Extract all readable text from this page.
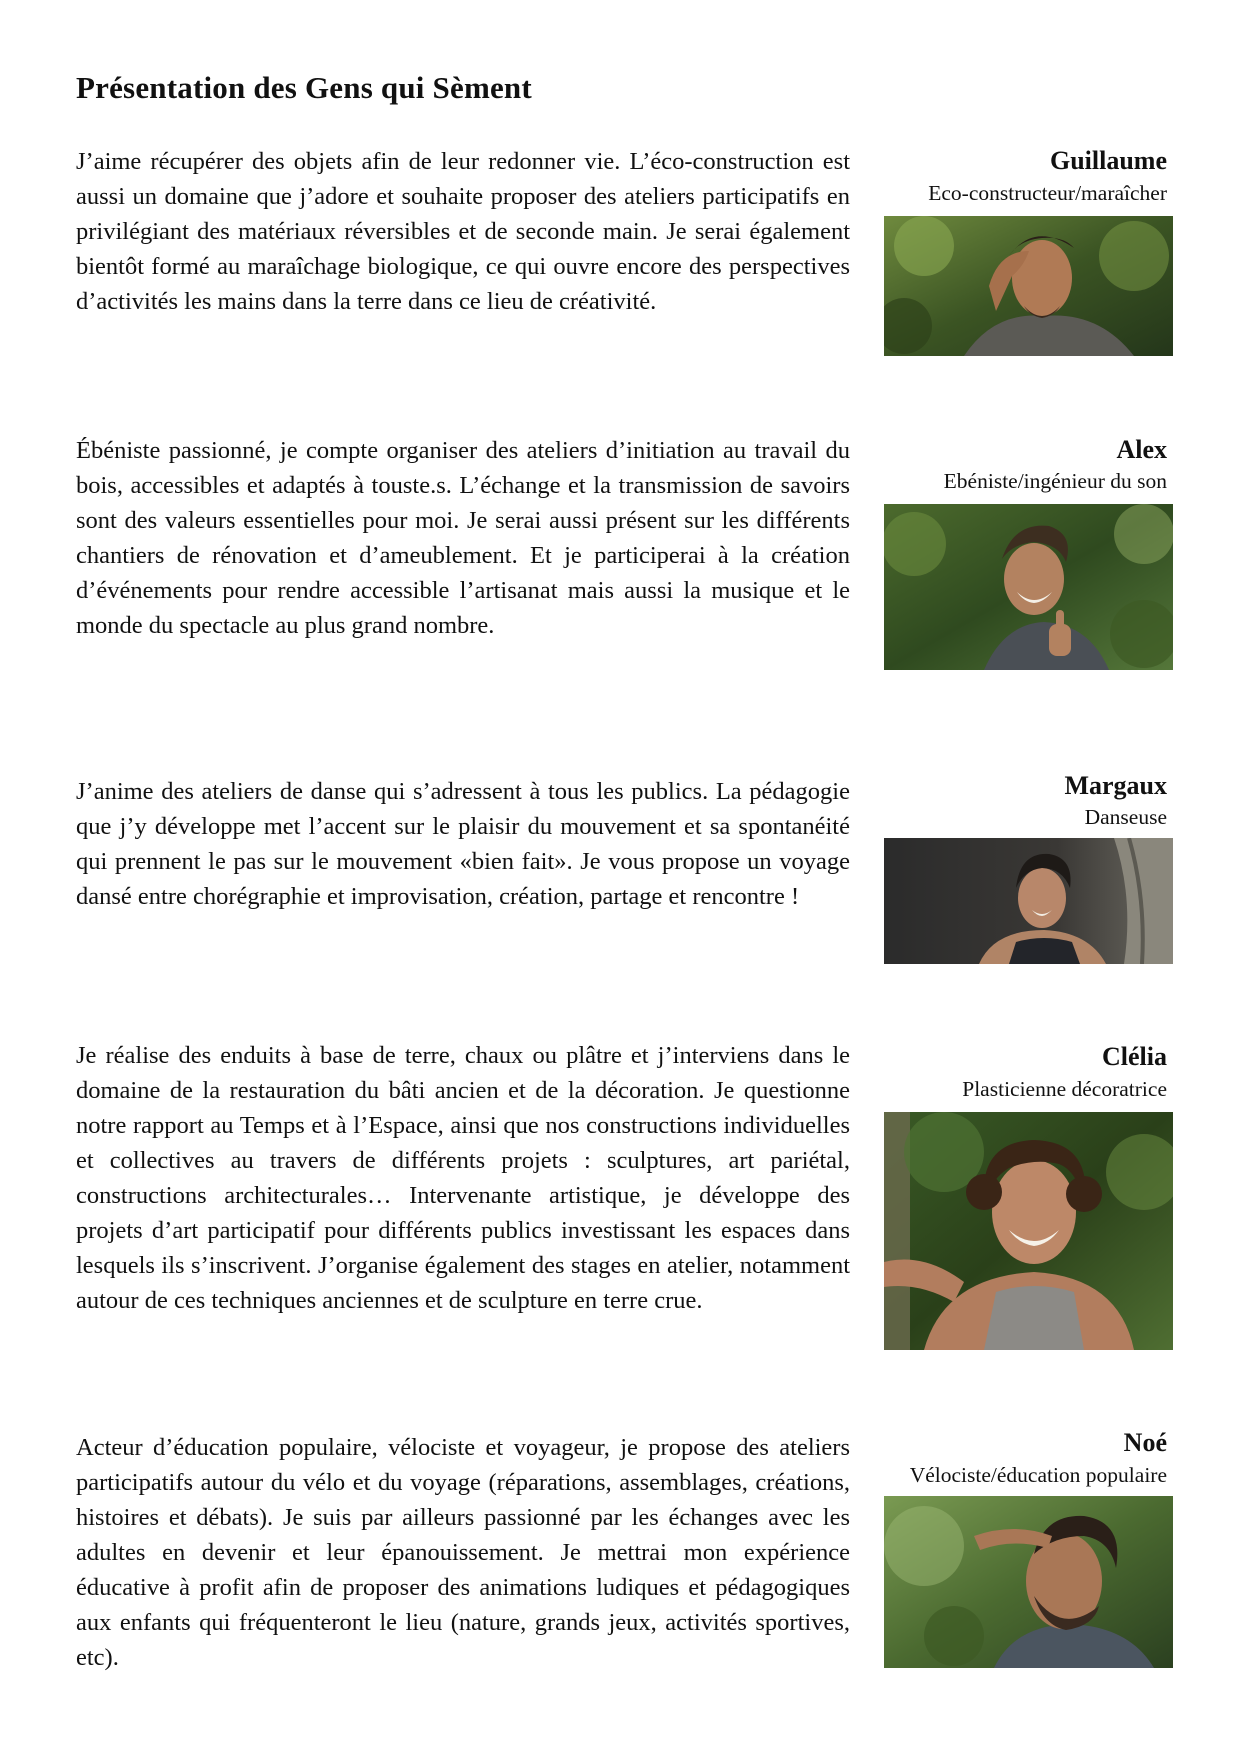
Présentation des Gens qui Sèment

J’aime récupérer des objets afin de leur redonner vie. L’éco-construction est aussi un domaine que j’adore et souhaite proposer des ateliers participatifs en privilégiant des matériaux réversibles et de seconde main. Je serai également bientôt formé au maraîchage biologique, ce qui ouvre encore des perspectives d’activités les mains dans la terre dans ce lieu de créativité.

Guillaume

Eco-constructeur/maraîcher

Ébéniste passionné, je compte organiser des ateliers d’initiation au travail du bois, accessibles et adaptés à touste.s. L’échange et la transmission de savoirs sont des valeurs essentielles pour moi. Je serai aussi présent sur les différents chantiers de rénovation et d’ameublement. Et je participerai à la création d’événements pour rendre accessible l’artisanat mais aussi la musique et le monde du spectacle au plus grand nombre.

Alex

Ebéniste/ingénieur du son

J’anime des ateliers de danse qui s’adressent à tous les publics. La pédagogie que j’y développe met l’accent sur le plaisir du mouvement et sa spontanéité qui prennent le pas sur le mouvement «bien fait». Je vous propose un voyage dansé entre chorégraphie et improvisation, création, partage et rencontre !

Margaux

Danseuse

Je réalise des enduits à base de terre, chaux ou plâtre et j’interviens dans le domaine de la restauration du bâti ancien et de la décoration. Je questionne notre rapport au Temps et à l’Espace, ainsi que nos constructions individuelles et collectives au travers de différents projets : sculptures, art pariétal, constructions architecturales… Intervenante artistique, je développe des projets d’art participatif pour différents publics investissant les espaces dans lesquels ils s’inscrivent. J’organise également des stages en atelier, notamment autour de ces techniques anciennes et de sculpture en terre crue.

Clélia

Plasticienne décoratrice

Acteur d’éducation populaire, vélociste et voyageur, je propose des ateliers participatifs autour du vélo et du voyage (réparations, assemblages, créations, histoires et débats). Je suis par ailleurs passionné par les échanges avec les adultes en devenir et leur épanouissement. Je mettrai mon expérience éducative à profit afin de proposer des animations ludiques et pédagogiques aux enfants qui fréquenteront le lieu (nature, grands jeux, activités sportives, etc).

Noé

Vélociste/éducation populaire
